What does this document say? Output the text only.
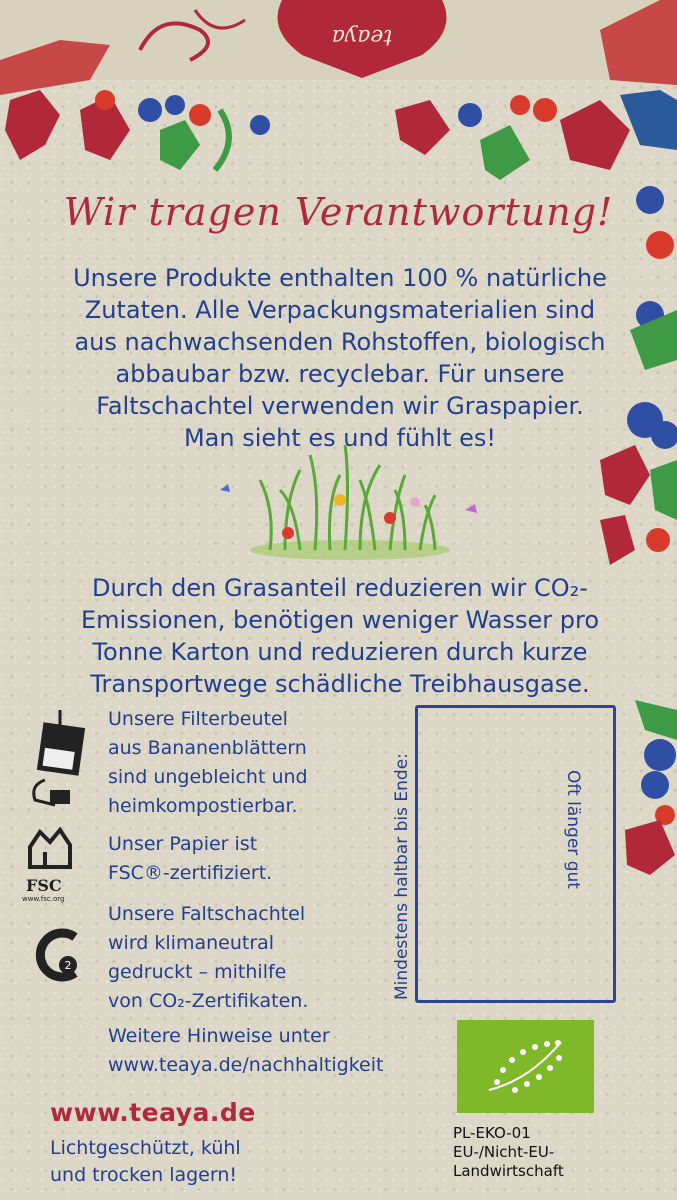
teaya
Wir tragen Verantwortung!
Unsere Produkte enthalten 100 % natürliche
Zutaten. Alle Verpackungsmaterialien sind
aus nachwachsenden Rohstoffen, biologisch
abbaubar bzw. recyclebar. Für unsere
Faltschachtel verwenden wir Graspapier.
Man sieht es und fühlt es!
Durch den Grasanteil reduzieren wir CO₂-
Emissionen, benötigen weniger Wasser pro
Tonne Karton und reduzieren durch kurze
Transportwege schädliche Treibhausgase.
Unsere Filterbeutel
aus Bananenblättern
sind ungebleicht und
heimkompostierbar.
FSC
www.fsc.org
Unser Papier ist
FSC®-zertifiziert.
2
Unsere Faltschachtel
wird klimaneutral
gedruckt – mithilfe
von CO₂-Zertifikaten.
Weitere Hinweise unter
www.teaya.de/nachhaltigkeit
www.teaya.de
Lichtgeschützt, kühl
und trocken lagern!
Mindestens haltbar bis Ende:	Oft länger gut
PL-EKO-01
EU-/Nicht-EU-
Landwirtschaft
